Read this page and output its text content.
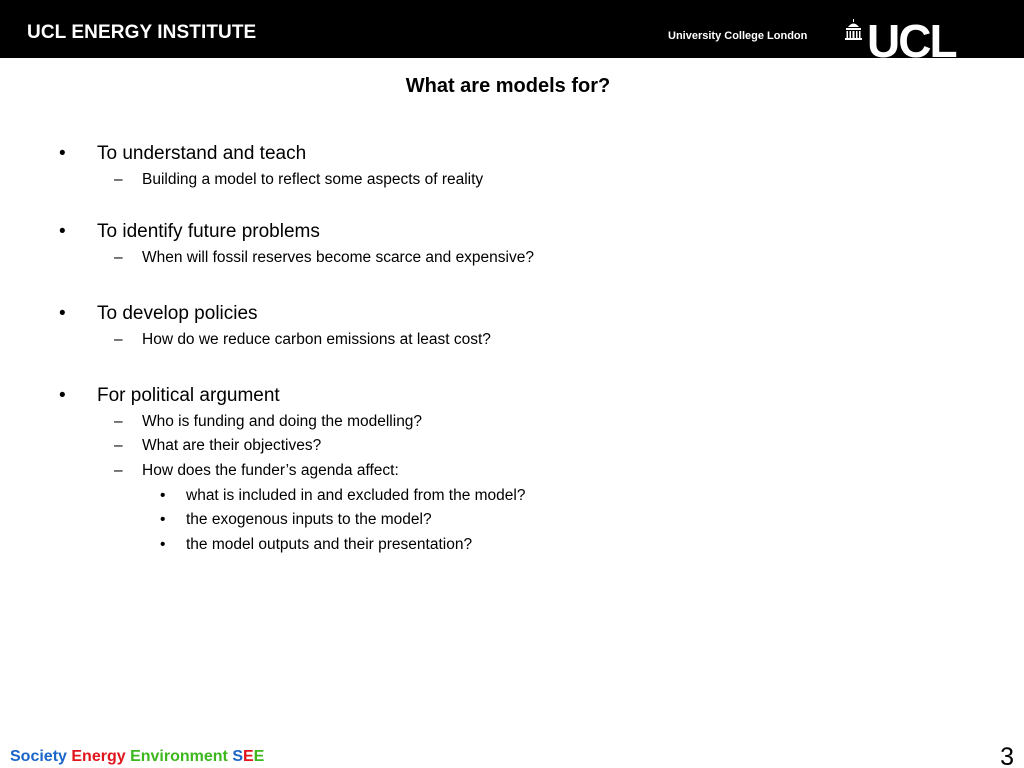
UCL ENERGY INSTITUTE	University College London UCL
What are models for?
• To understand and teach
– Building a model to reflect some aspects of reality
• To identify future problems
– When will fossil reserves become scarce and expensive?
• To develop policies
– How do we reduce carbon emissions at least cost?
• For political argument
– Who is funding and doing the modelling?
– What are their objectives?
– How does the funder’s agenda affect:
• what is included in and excluded from the model?
• the exogenous inputs to the model?
• the model outputs and their presentation?
Society Energy Environment SEE	3
